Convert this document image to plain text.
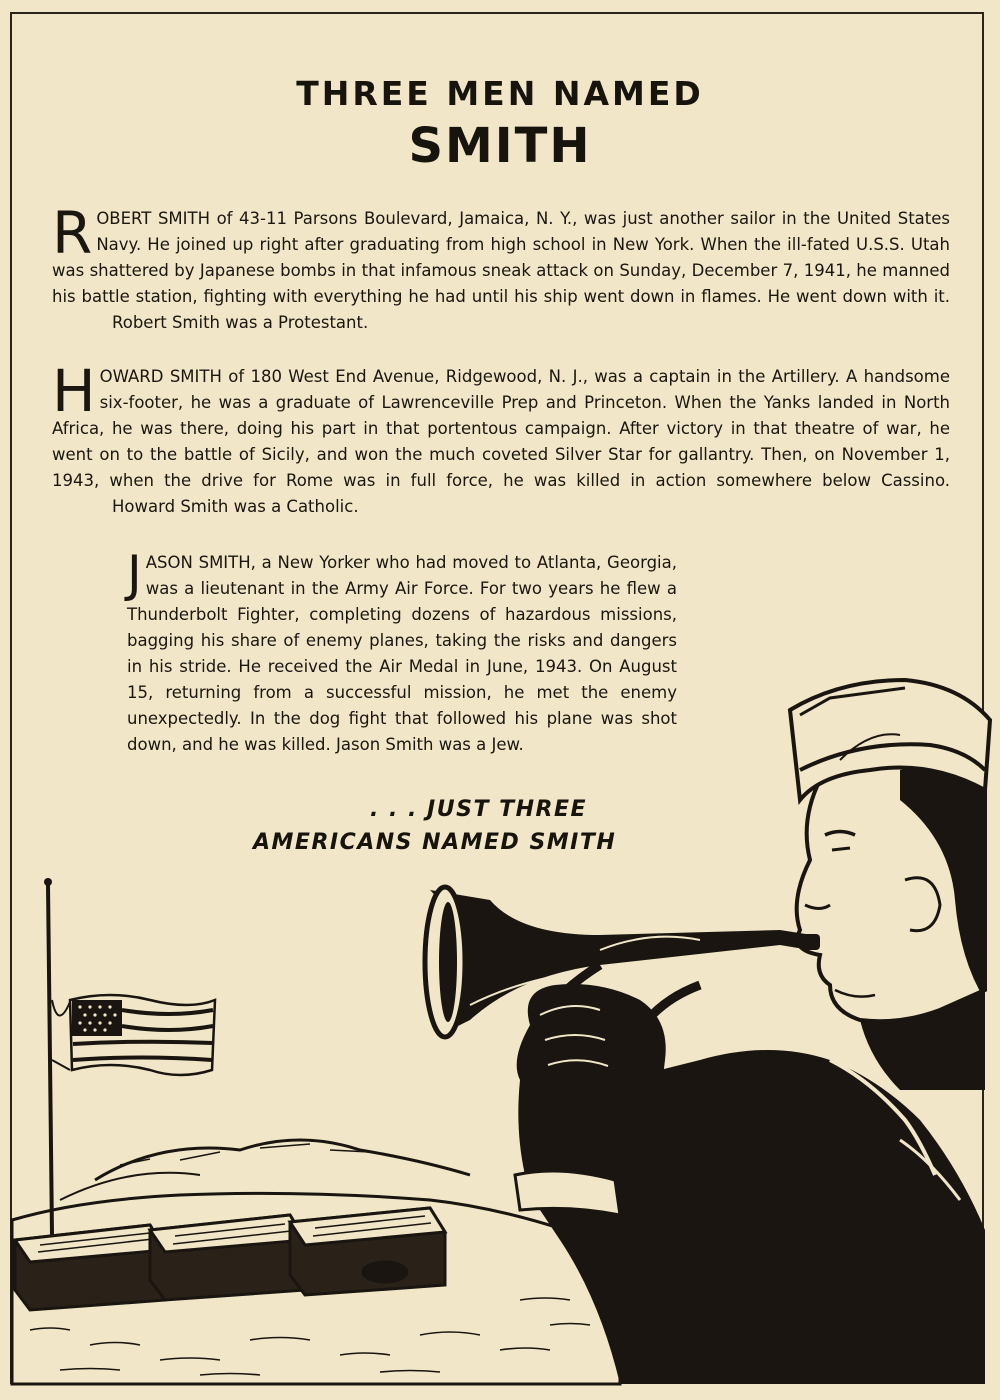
THREE MEN NAMED
SMITH
ROBERT SMITH of 43-11 Parsons Boulevard, Jamaica, N. Y., was just another sailor in the United States Navy. He joined up right after graduating from high school in New York. When the ill-fated U.S.S. Utah was shattered by Japanese bombs in that infamous sneak attack on Sunday, December 7, 1941, he manned his battle station, fighting with everything he had until his ship went down in flames. He went down with it. Robert Smith was a Protestant.
HOWARD SMITH of 180 West End Avenue, Ridgewood, N. J., was a captain in the Artillery. A handsome six-footer, he was a graduate of Lawrenceville Prep and Princeton. When the Yanks landed in North Africa, he was there, doing his part in that portentous campaign. After victory in that theatre of war, he went on to the battle of Sicily, and won the much coveted Silver Star for gallantry. Then, on November 1, 1943, when the drive for Rome was in full force, he was killed in action somewhere below Cassino. Howard Smith was a Catholic.
JASON SMITH, a New Yorker who had moved to Atlanta, Georgia, was a lieutenant in the Army Air Force. For two years he flew a Thunderbolt Fighter, completing dozens of hazardous missions, bagging his share of enemy planes, taking the risks and dangers in his stride. He received the Air Medal in June, 1943. On August 15, returning from a successful mission, he met the enemy unexpectedly. In the dog fight that followed his plane was shot down, and he was killed. Jason Smith was a Jew.
. . . JUST THREE
AMERICANS NAMED SMITH
